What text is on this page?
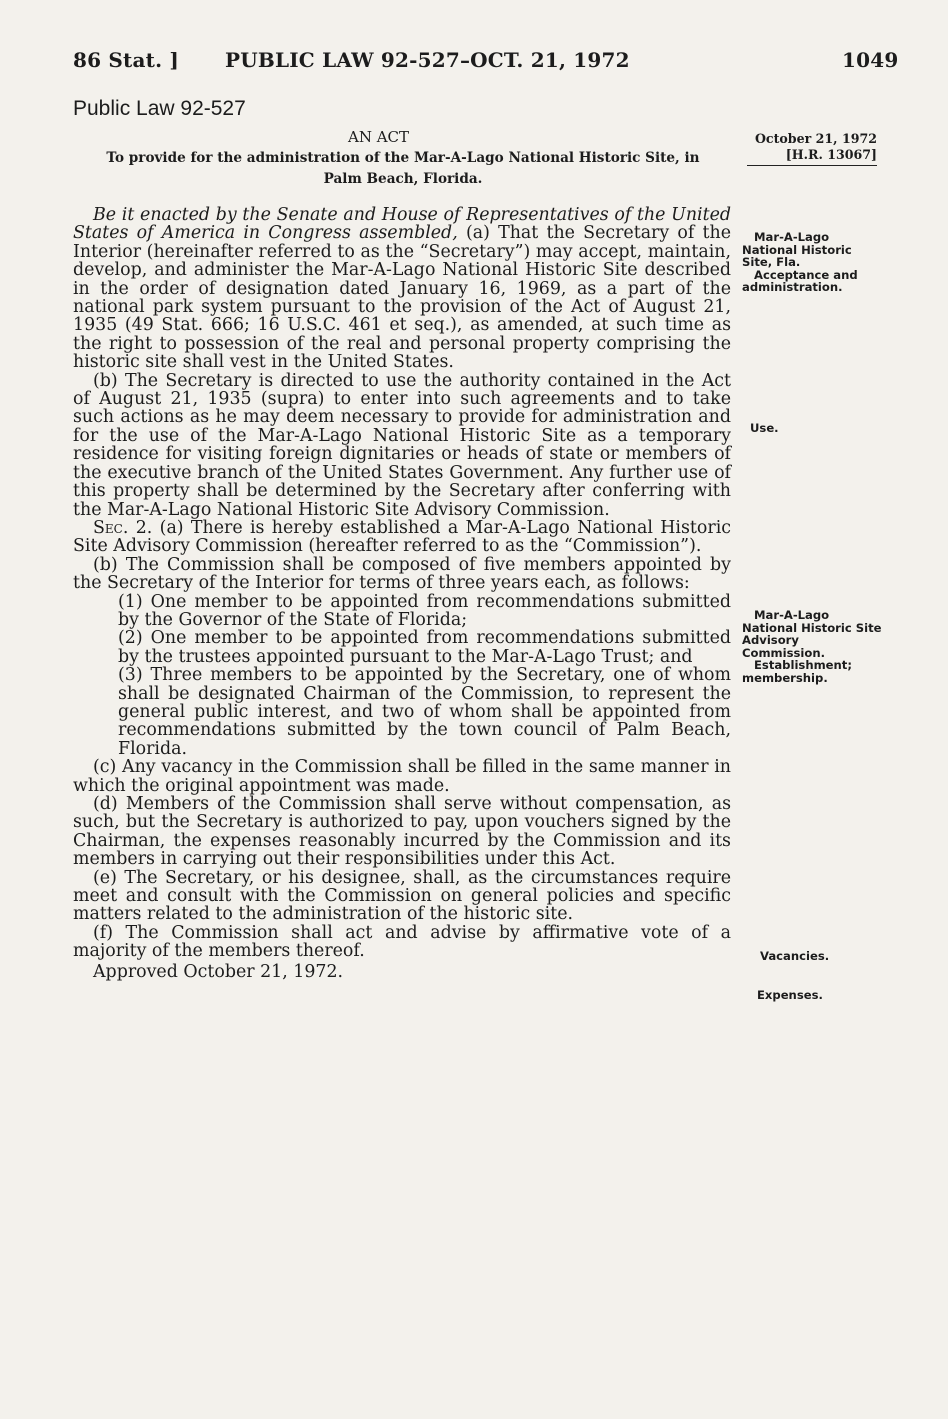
86 Stat. ] PUBLIC LAW 92-527–OCT. 21, 1972	1049
Public Law 92-527
AN ACT
To provide for the administration of the Mar-A-Lago National Historic Site, in
Palm Beach, Florida.
October 21, 1972
[H.R. 13067]

Be it enacted by the Senate and House of Representatives of the United States of America in Congress assembled, (a) That the Secretary of the Interior (hereinafter referred to as the “Secretary”) may accept, maintain, develop, and administer the Mar-A-Lago National Historic Site described in the order of designation dated January 16, 1969, as a part of the national park system pursuant to the provision of the Act of August 21, 1935 (49 Stat. 666; 16 U.S.C. 461 et seq.), as amended, at such time as the right to possession of the real and personal property comprising the historic site shall vest in the United States.

(b) The Secretary is directed to use the authority contained in the Act of August 21, 1935 (supra) to enter into such agreements and to take such actions as he may deem necessary to provide for administration and for the use of the Mar-A-Lago National Historic Site as a temporary residence for visiting foreign dignitaries or heads of state or members of the executive branch of the United States Government. Any further use of this property shall be determined by the Secretary after conferring with the Mar-A-Lago National Historic Site Advisory Commission.

Sec. 2. (a) There is hereby established a Mar-A-Lago National Historic Site Advisory Commission (hereafter referred to as the “Commission”).

(b) The Commission shall be composed of five members appointed by the Secretary of the Interior for terms of three years each, as follows:

(1) One member to be appointed from recommendations submitted by the Governor of the State of Florida;

(2) One member to be appointed from recommendations submitted by the trustees appointed pursuant to the Mar-A-Lago Trust; and

(3) Three members to be appointed by the Secretary, one of whom shall be designated Chairman of the Commission, to represent the general public interest, and two of whom shall be appointed from recommendations submitted by the town council of Palm Beach, Florida.

(c) Any vacancy in the Commission shall be filled in the same manner in which the original appointment was made.

(d) Members of the Commission shall serve without compensation, as such, but the Secretary is authorized to pay, upon vouchers signed by the Chairman, the expenses reasonably incurred by the Commission and its members in carrying out their responsibilities under this Act.

(e) The Secretary, or his designee, shall, as the circumstances require meet and consult with the Commission on general policies and specific matters related to the administration of the historic site.

(f) The Commission shall act and advise by affirmative vote of a majority of the members thereof.

Approved October 21, 1972.

Mar-A-Lago
National Historic Site, Fla.
Acceptance and
administration.
Use.
Mar-A-Lago
National Historic Site Advisory Commission.
Establishment;
membership.
Vacancies.
Expenses.
